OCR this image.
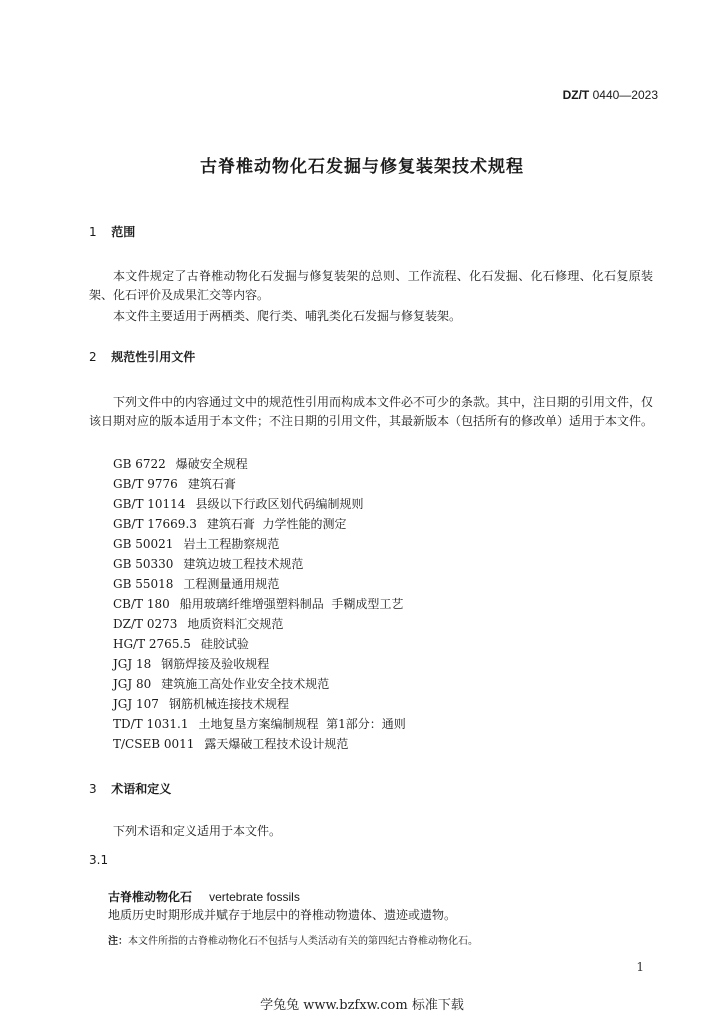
DZ/T 0440—2023
古脊椎动物化石发掘与修复装架技术规程
1 范围
本文件规定了古脊椎动物化石发掘与修复装架的总则、工作流程、化石发掘、化石修理、化石复原装架、化石评价及成果汇交等内容。
本文件主要适用于两栖类、爬行类、哺乳类化石发掘与修复装架。
2 规范性引用文件
下列文件中的内容通过文中的规范性引用而构成本文件必不可少的条款。其中，注日期的引用文件，仅该日期对应的版本适用于本文件；不注日期的引用文件，其最新版本（包括所有的修改单）适用于本文件。
GB 6722 爆破安全规程
GB/T 9776 建筑石膏
GB/T 10114 县级以下行政区划代码编制规则
GB/T 17669.3 建筑石膏  力学性能的测定
GB 50021 岩土工程勘察规范
GB 50330 建筑边坡工程技术规范
GB 55018 工程测量通用规范
CB/T 180 船用玻璃纤维增强塑料制品  手糊成型工艺
DZ/T 0273 地质资料汇交规范
HG/T 2765.5 硅胶试验
JGJ 18 钢筋焊接及验收规程
JGJ 80 建筑施工高处作业安全技术规范
JGJ 107 钢筋机械连接技术规程
TD/T 1031.1 土地复垦方案编制规程  第1部分：通则
T/CSEB 0011 露天爆破工程技术设计规范
3 术语和定义
下列术语和定义适用于本文件。
3.1
古脊椎动物化石 vertebrate fossils
地质历史时期形成并赋存于地层中的脊椎动物遗体、遗迹或遗物。
注：本文件所指的古脊椎动物化石不包括与人类活动有关的第四纪古脊椎动物化石。
1
学兔兔 www.bzfxw.com 标准下载
